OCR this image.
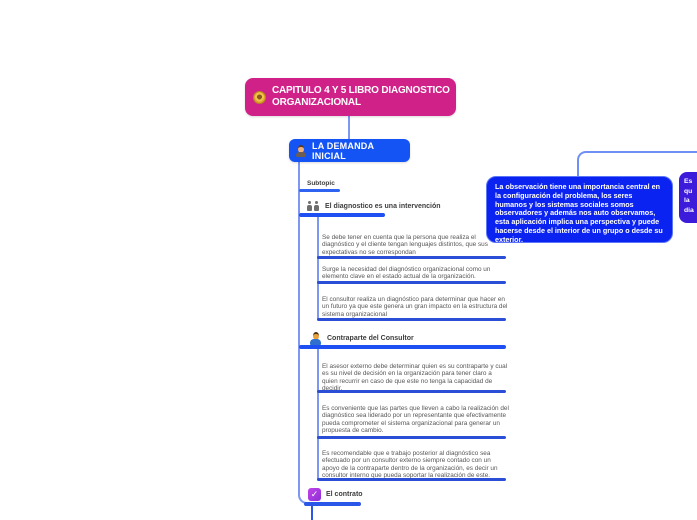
CAPITULO 4 Y 5 LIBRO DIAGNOSTICO ORGANIZACIONAL
LA DEMANDA INICIAL
Subtopic
El diagnostico es una intervención
Se debe tener en cuenta que la persona que realiza el diagnóstico y el cliente tengan lenguajes distintos, que sus expectativas no se correspondan
Surge la necesidad del diagnóstico organizacional como un elemento clave en el estado actual de la organización.
El consultor realiza un diagnóstico para determinar que hacer en un futuro ya que este genera un gran impacto en la estructura del sistema organizacional
Contraparte del Consultor
El asesor externo debe determinar quien es su contraparte y cual es su nivel de decisión en la organización para tener claro a quien recurrir en caso de que este no tenga la capacidad de decidir.
Es conveniente que las partes que lleven a cabo la realización del diagnóstico sea liderado por un representante que efectivamente pueda comprometer el sistema organizacional para generar un propuesta de cambio.
Es recomendable que e trabajo posterior al diagnóstico sea efectuado por un consultor externo siempre contado con un apoyo de la contraparte dentro de la organización, es decir un consultor interno que pueda soportar la realización de este.
✓	El contrato
La observación tiene una importancia central en la configuración del problema, los seres humanos y los sistemas sociales somos observadores y además nos auto observamos, esta aplicación implica una perspectiva y puede hacerse desde el interior de un grupo o desde su exterior.
Es
qu
la
dia
